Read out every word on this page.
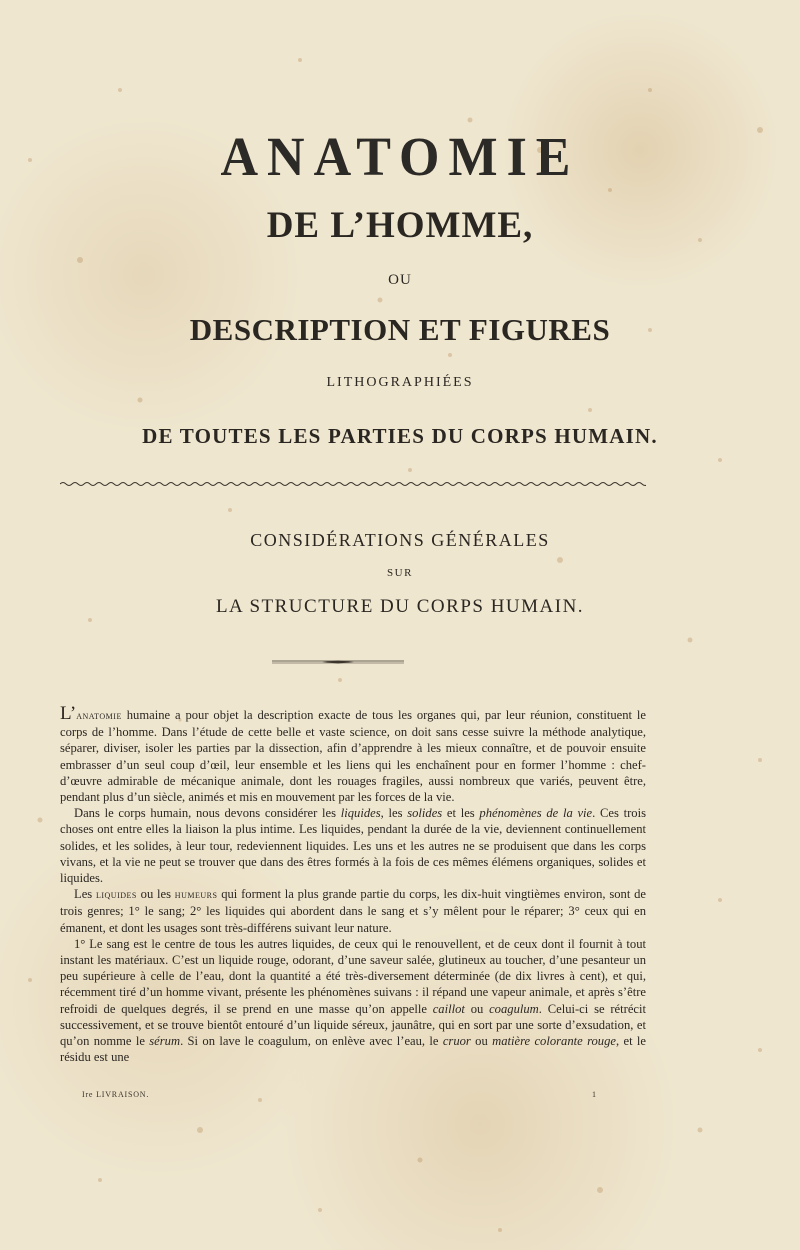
ANATOMIE
DE L’HOMME,
OU
DESCRIPTION ET FIGURES
LITHOGRAPHIÉES
DE TOUTES LES PARTIES DU CORPS HUMAIN.
CONSIDÉRATIONS GÉNÉRALES
SUR
LA STRUCTURE DU CORPS HUMAIN.

L’anatomie humaine a pour objet la description exacte de tous les organes qui, par leur réunion, constituent le corps de l’homme. Dans l’étude de cette belle et vaste science, on doit sans cesse suivre la méthode analytique, séparer, diviser, isoler les parties par la dissection, afin d’apprendre à les mieux connaître, et de pouvoir ensuite embrasser d’un seul coup d’œil, leur ensemble et les liens qui les enchaînent pour en former l’homme : chef-d’œuvre admirable de mécanique animale, dont les rouages fragiles, aussi nombreux que variés, peuvent être, pendant plus d’un siècle, animés et mis en mouvement par les forces de la vie.

Dans le corps humain, nous devons considérer les liquides, les solides et les phénomènes de la vie. Ces trois choses ont entre elles la liaison la plus intime. Les liquides, pendant la durée de la vie, deviennent continuellement solides, et les solides, à leur tour, redeviennent liquides. Les uns et les autres ne se produisent que dans les corps vivans, et la vie ne peut se trouver que dans des êtres formés à la fois de ces mêmes élémens organiques, solides et liquides.

Les liquides ou les humeurs qui forment la plus grande partie du corps, les dix-huit vingtièmes environ, sont de trois genres; 1° le sang; 2° les liquides qui abordent dans le sang et s’y mêlent pour le réparer; 3° ceux qui en émanent, et dont les usages sont très-différens suivant leur nature.

1° Le sang est le centre de tous les autres liquides, de ceux qui le renouvellent, et de ceux dont il fournit à tout instant les matériaux. C’est un liquide rouge, odorant, d’une saveur salée, glutineux au toucher, d’une pesanteur un peu supérieure à celle de l’eau, dont la quantité a été très-diversement déterminée (de dix livres à cent), et qui, récemment tiré d’un homme vivant, présente les phénomènes suivans : il répand une vapeur animale, et après s’être refroidi de quelques degrés, il se prend en une masse qu’on appelle caillot ou coagulum. Celui-ci se rétrécit successivement, et se trouve bientôt entouré d’un liquide séreux, jaunâtre, qui en sort par une sorte d’exsudation, et qu’on nomme le sérum. Si on lave le coagulum, on enlève avec l’eau, le cruor ou matière colorante rouge, et le résidu est une

Ire LIVRAISON.	1
